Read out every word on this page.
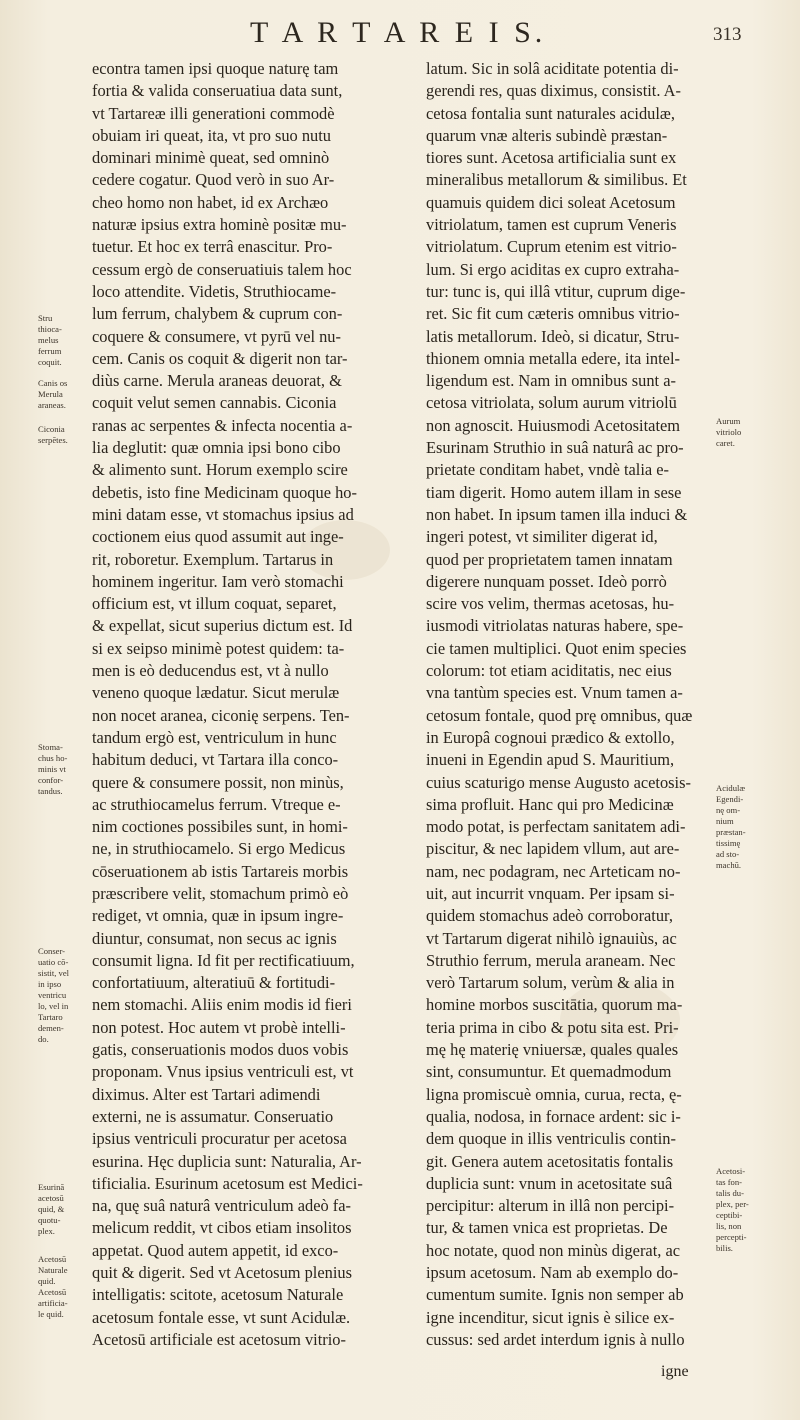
T A R T A R E I S.	313
econtra tamen ipsi quoque naturę tam
fortia & valida conseruatiua data sunt,
vt Tartareæ illi generationi commodè
obuiam iri queat, ita, vt pro suo nutu
dominari minimè queat, sed omninò
cedere cogatur. Quod verò in suo Ar-
cheo homo non habet, id ex Archæo
naturæ ipsius extra hominè positæ mu-
tuetur. Et hoc ex terrâ enascitur. Pro-
cessum ergò de conseruatiuis talem hoc
loco attendite. Videtis, Struthiocame-
lum ferrum, chalybem & cuprum con-
coquere & consumere, vt pyrū vel nu-
cem. Canis os coquit & digerit non tar-
diùs carne. Merula araneas deuorat, &
coquit velut semen cannabis. Ciconia
ranas ac serpentes & infecta nocentia a-
lia deglutit: quæ omnia ipsi bono cibo
& alimento sunt. Horum exemplo scire
debetis, isto fine Medicinam quoque ho-
mini datam esse, vt stomachus ipsius ad
coctionem eius quod assumit aut inge-
rit, roboretur. Exemplum. Tartarus in
hominem ingeritur. Iam verò stomachi
officium est, vt illum coquat, separet,
& expellat, sicut superius dictum est. Id
si ex seipso minimè potest quidem: ta-
men is eò deducendus est, vt à nullo
veneno quoque lædatur. Sicut merulæ
non nocet aranea, ciconię serpens. Ten-
tandum ergò est, ventriculum in hunc
habitum deduci, vt Tartara illa conco-
quere & consumere possit, non minùs,
ac struthiocamelus ferrum. Vtreque e-
nim coctiones possibiles sunt, in homi-
ne, in struthiocamelo. Si ergo Medicus
cōseruationem ab istis Tartareis morbis
præscribere velit, stomachum primò eò
rediget, vt omnia, quæ in ipsum ingre-
diuntur, consumat, non secus ac ignis
consumit ligna. Id fit per rectificatiuum,
confortatiuum, alteratiuū & fortitudi-
nem stomachi. Aliis enim modis id fieri
non potest. Hoc autem vt probè intelli-
gatis, conseruationis modos duos vobis
proponam. Vnus ipsius ventriculi est, vt
diximus. Alter est Tartari adimendi
externi, ne is assumatur. Conseruatio
ipsius ventriculi procuratur per acetosa
esurina. Hęc duplicia sunt: Naturalia, Ar-
tificialia. Esurinum acetosum est Medici-
na, quę suâ naturâ ventriculum adeò fa-
melicum reddit, vt cibos etiam insolitos
appetat. Quod autem appetit, id exco-
quit & digerit. Sed vt Acetosum plenius
intelligatis: scitote, acetosum Naturale
acetosum fontale esse, vt sunt Acidulæ.
Acetosū artificiale est acetosum vitrio-
latum. Sic in solâ aciditate potentia di-
gerendi res, quas diximus, consistit. A-
cetosa fontalia sunt naturales acidulæ,
quarum vnæ alteris subindè præstan-
tiores sunt. Acetosa artificialia sunt ex
mineralibus metallorum & similibus. Et
quamuis quidem dici soleat Acetosum
vitriolatum, tamen est cuprum Veneris
vitriolatum. Cuprum etenim est vitrio-
lum. Si ergo aciditas ex cupro extraha-
tur: tunc is, qui illâ vtitur, cuprum dige-
ret. Sic fit cum cæteris omnibus vitrio-
latis metallorum. Ideò, si dicatur, Stru-
thionem omnia metalla edere, ita intel-
ligendum est. Nam in omnibus sunt a-
cetosa vitriolata, solum aurum vitriolū
non agnoscit. Huiusmodi Acetositatem
Esurinam Struthio in suâ naturâ ac pro-
prietate conditam habet, vndè talia e-
tiam digerit. Homo autem illam in sese
non habet. In ipsum tamen illa induci &
ingeri potest, vt similiter digerat id,
quod per proprietatem tamen innatam
digerere nunquam posset. Ideò porrò
scire vos velim, thermas acetosas, hu-
iusmodi vitriolatas naturas habere, spe-
cie tamen multiplici. Quot enim species
colorum: tot etiam aciditatis, nec eius
vna tantùm species est. Vnum tamen a-
cetosum fontale, quod prę omnibus, quæ
in Europâ cognoui prædico & extollo,
inueni in Egendin apud S. Mauritium,
cuius scaturigo mense Augusto acetosis-
sima profluit. Hanc qui pro Medicinæ
modo potat, is perfectam sanitatem adi-
piscitur, & nec lapidem vllum, aut are-
nam, nec podagram, nec Arteticam no-
uit, aut incurrit vnquam. Per ipsam si-
quidem stomachus adeò corroboratur,
vt Tartarum digerat nihilò ignauiùs, ac
Struthio ferrum, merula araneam. Nec
verò Tartarum solum, verùm & alia in
homine morbos suscitātia, quorum ma-
teria prima in cibo & potu sita est. Pri-
mę hę materię vniuersæ, quales quales
sint, consumuntur. Et quemadmodum
ligna promiscuè omnia, curua, recta, ę-
qualia, nodosa, in fornace ardent: sic i-
dem quoque in illis ventriculis contin-
git. Genera autem acetositatis fontalis
duplicia sunt: vnum in acetositate suâ
percipitur: alterum in illâ non percipi-
tur, & tamen vnica est proprietas. De
hoc notate, quod non minùs digerat, ac
ipsum acetosum. Nam ab exemplo do-
cumentum sumite. Ignis non semper ab
igne incenditur, sicut ignis è silice ex-
cussus: sed ardet interdum ignis à nullo
Stru
thioca-
melus
ferrum
coquit.
Canis os
Merula
araneas.
Ciconia
serpētes.
Stoma-
chus ho-
minis vt
confor-
tandus.
Conser-
uatio cō-
sistit, vel
in ipso
ventricu
lo, vel in
Tartaro
demen-
do.
Esurinā
acetosū
quid, &
quotu-
plex.
Acetosū
Naturale
quid.
Acetosū
artificia-
le quid.
Aurum
vitriolo
caret.
Acidulæ
Egendi-
nę om-
nium
præstan-
tissimę
ad sto-
machū.
Acetosi-
tas fon-
talis du-
plex, per-
ceptibi-
lis, non
percepti-
bilis.
igne
